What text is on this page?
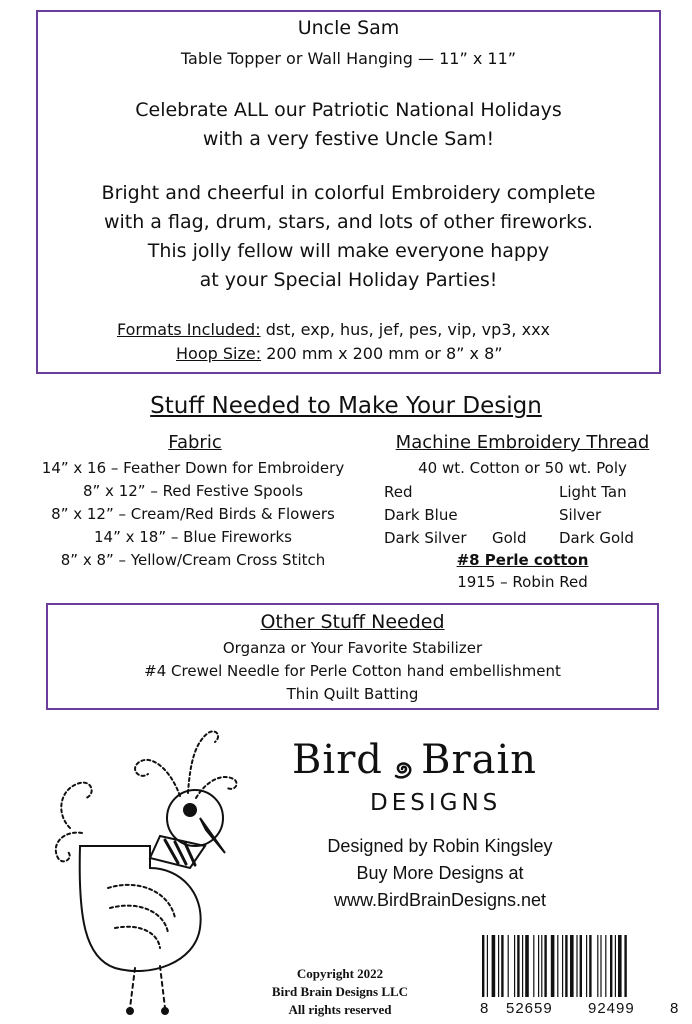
Uncle Sam
Table Topper or Wall Hanging — 11” x 11”
Celebrate ALL our Patriotic National Holidays
with a very festive Uncle Sam!
Bright and cheerful in colorful Embroidery complete
with a flag, drum, stars, and lots of other fireworks.
This jolly fellow will make everyone happy
at your Special Holiday Parties!
Formats Included: dst, exp, hus, jef, pes, vip, vp3, xxx
Hoop Size: 200 mm x 200 mm or 8” x 8”
Stuff Needed to Make Your Design
Fabric
14” x 16 – Feather Down for Embroidery
8” x 12” – Red Festive Spools
8” x 12” – Cream/Red Birds & Flowers
14” x 18” – Blue Fireworks
8” x 8” – Yellow/Cream Cross Stitch
Machine Embroidery Thread
40 wt. Cotton or 50 wt. Poly
Red
Dark Blue
Dark Silver Gold
Light Tan
Silver
Dark Gold
#8 Perle cotton
1915 – Robin Red
Other Stuff Needed
Organza or Your Favorite Stabilizer
#4 Crewel Needle for Perle Cotton hand embellishment
Thin Quilt Batting
Bird Brain
DESIGNS
Designed by Robin Kingsley
Buy More Designs at
www.BirdBrainDesigns.net
Copyright 2022
Bird Brain Designs LLC
All rights reserved	8 52659 92499 8
